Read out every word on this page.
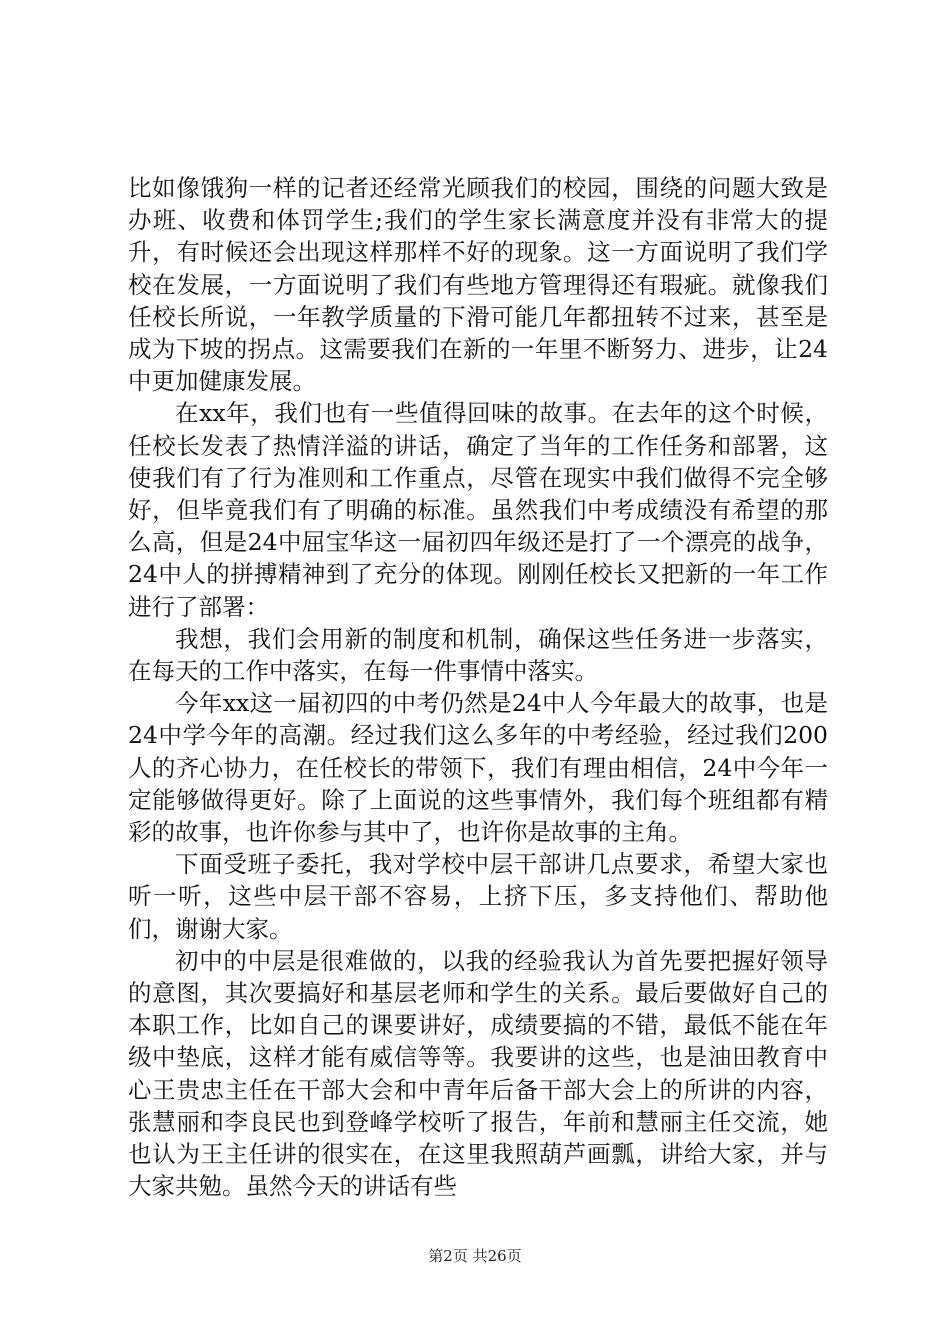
比如像饿狗一样的记者还经常光顾我们的校园，围绕的问题大致是办班、收费和体罚学生;我们的学生家长满意度并没有非常大的提升，有时候还会出现这样那样不好的现象。这一方面说明了我们学校在发展，一方面说明了我们有些地方管理得还有瑕疵。就像我们任校长所说，一年教学质量的下滑可能几年都扭转不过来，甚至是成为下坡的拐点。这需要我们在新的一年里不断努力、进步，让24中更加健康发展。

在xx年，我们也有一些值得回味的故事。在去年的这个时候，任校长发表了热情洋溢的讲话，确定了当年的工作任务和部署，这使我们有了行为准则和工作重点，尽管在现实中我们做得不完全够好，但毕竟我们有了明确的标准。虽然我们中考成绩没有希望的那么高，但是24中屈宝华这一届初四年级还是打了一个漂亮的战争，24中人的拼搏精神到了充分的体现。刚刚任校长又把新的一年工作进行了部署：

我想，我们会用新的制度和机制，确保这些任务进一步落实，在每天的工作中落实，在每一件事情中落实。

今年xx这一届初四的中考仍然是24中人今年最大的故事，也是24中学今年的高潮。经过我们这么多年的中考经验，经过我们200人的齐心协力，在任校长的带领下，我们有理由相信，24中今年一定能够做得更好。除了上面说的这些事情外，我们每个班组都有精彩的故事，也许你参与其中了，也许你是故事的主角。

下面受班子委托，我对学校中层干部讲几点要求，希望大家也听一听，这些中层干部不容易，上挤下压，多支持他们、帮助他们，谢谢大家。

初中的中层是很难做的，以我的经验我认为首先要把握好领导的意图，其次要搞好和基层老师和学生的关系。最后要做好自己的本职工作，比如自己的课要讲好，成绩要搞的不错，最低不能在年级中垫底，这样才能有威信等等。我要讲的这些，也是油田教育中心王贵忠主任在干部大会和中青年后备干部大会上的所讲的内容，张慧丽和李良民也到登峰学校听了报告，年前和慧丽主任交流，她也认为王主任讲的很实在，在这里我照葫芦画瓢，讲给大家，并与大家共勉。虽然今天的讲话有些

第2页 共26页
